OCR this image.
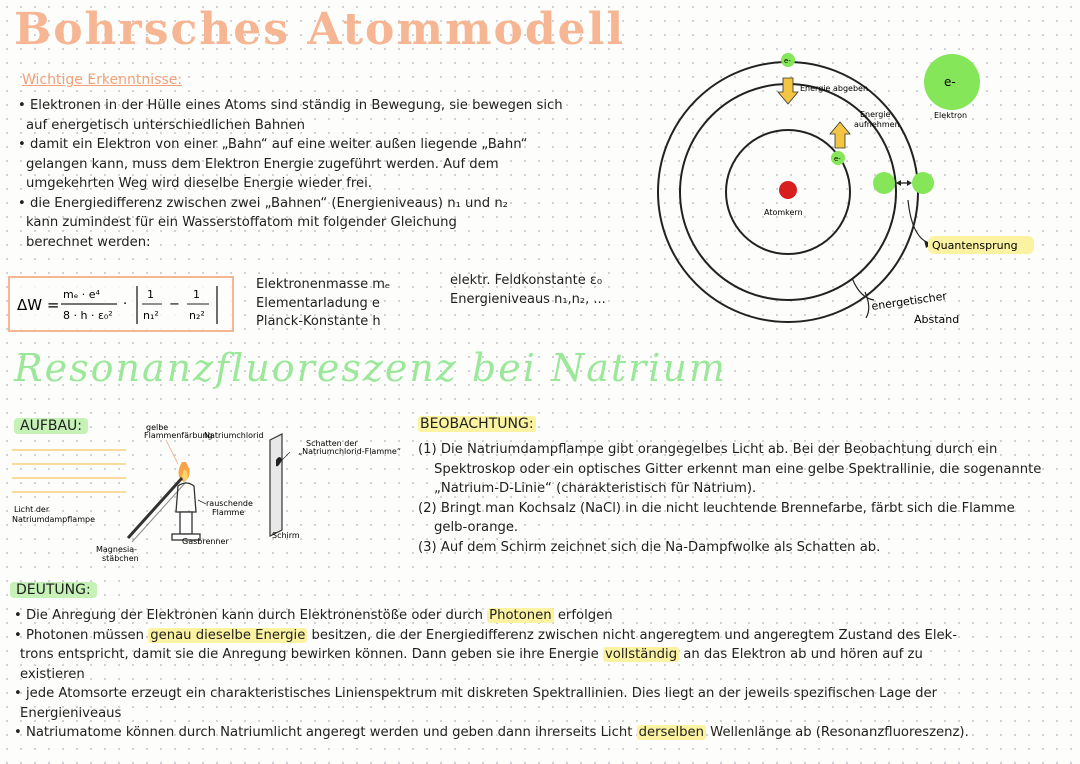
Bohrsches Atommodell
Wichtige Erkenntnisse:

• Elektronen in der Hülle eines Atoms sind ständig in Bewegung, sie bewegen sich

auf energetisch unterschiedlichen Bahnen

• damit ein Elektron von einer „Bahn“ auf eine weiter außen liegende „Bahn“

gelangen kann, muss dem Elektron Energie zugeführt werden. Auf dem

umgekehrten Weg wird dieselbe Energie wieder frei.

• die Energiedifferenz zwischen zwei „Bahnen“ (Energieniveaus) n₁ und n₂

kann zumindest für ein Wasserstoffatom mit folgender Gleichung

berechnet werden:

ΔW =
mₑ · e⁴
8 · h · ε₀²
·
1
n₁²
−
1
n₂²
Elektronenmasse mₑ
Elementarladung e
Planck-Konstante h
elektr. Feldkonstante ε₀
Energieniveaus n₁,n₂, ...
Atomkern
e-
Energie abgeben
Energie
aufnehmen
e-
Quantensprung
energetischer
Abstand
e-
Elektron
Resonanzfluoreszenz bei Natrium
AUFBAU:
Licht der
Natriumdampflampe
gelbe
Flammenfärbung
Natriumchlorid
Magnesia-
stäbchen
rauschende
Flamme
Gasbrenner
Schatten der
„Natriumchlorid-Flamme“
Schirm
BEOBACHTUNG:

(1) Die Natriumdampflampe gibt orangegelbes Licht ab. Bei der Beobachtung durch ein

Spektroskop oder ein optisches Gitter erkennt man eine gelbe Spektrallinie, die sogenannte

„Natrium-D-Linie“ (charakteristisch für Natrium).

(2) Bringt man Kochsalz (NaCl) in die nicht leuchtende Brennefarbe, färbt sich die Flamme

gelb-orange.

(3) Auf dem Schirm zeichnet sich die Na-Dampfwolke als Schatten ab.

DEUTUNG:

• Die Anregung der Elektronen kann durch Elektronenstöße oder durch Photonen erfolgen

• Photonen müssen genau dieselbe Energie besitzen, die der Energiedifferenz zwischen nicht angeregtem und angeregtem Zustand des Elek-

trons entspricht, damit sie die Anregung bewirken können. Dann geben sie ihre Energie vollständig an das Elektron ab und hören auf zu

existieren

• jede Atomsorte erzeugt ein charakteristisches Linienspektrum mit diskreten Spektrallinien. Dies liegt an der jeweils spezifischen Lage der

Energieniveaus

• Natriumatome können durch Natriumlicht angeregt werden und geben dann ihrerseits Licht derselben Wellenlänge ab (Resonanzfluoreszenz).
